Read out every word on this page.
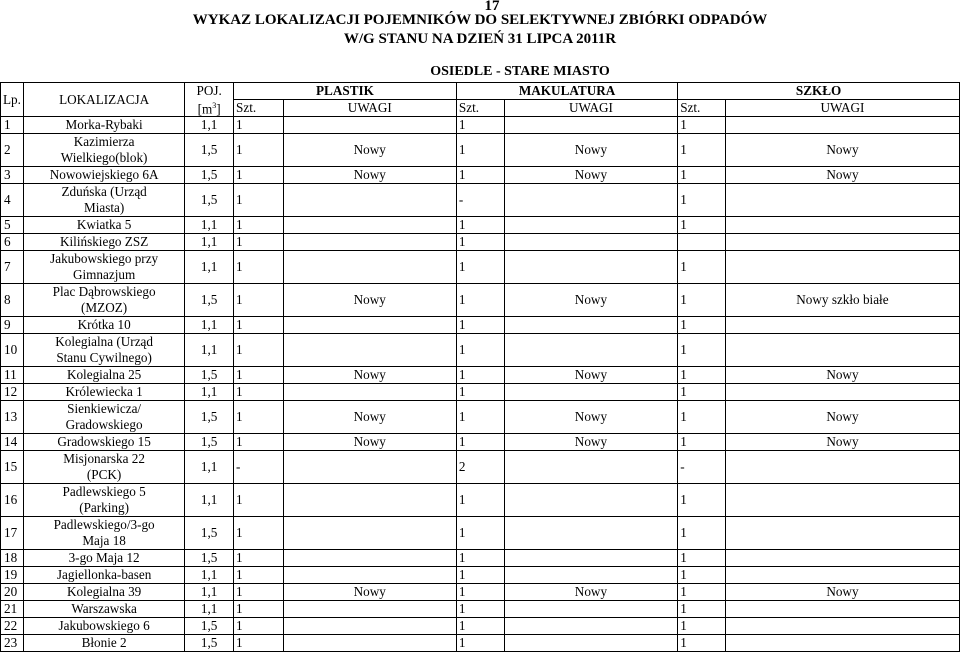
17
WYKAZ LOKALIZACJI POJEMNIKÓW DO SELEKTYWNEJ ZBIÓRKI ODPADÓW
W/G STANU NA DZIEŃ 31 LIPCA 2011R
OSIEDLE - STARE MIASTO
Lp.	LOKALIZACJA	POJ.
$[m^3]$	PLASTIK		MAKULATURA		SZKŁO	
			Szt.	UWAGI	Szt.	UWAGI	Szt.	UWAGI
1	Morka-Rybaki	1,1	1		1		1	
2	Kazimierza
Wielkiego(blok)	1,5	1	Nowy	1	Nowy	1	Nowy
3	Nowowiejskiego 6A	1,5	1	Nowy	1	Nowy	1	Nowy
4	Zduńska (Urząd
Miasta)	1,5	1		-		1	
5	Kwiatka 5	1,1	1		1		1	
6	Kilińskiego ZSZ	1,1	1		1			
7	Jakubowskiego przy
Gimnazjum	1,1	1		1		1	
8	Plac Dąbrowskiego
(MZOZ)	1,5	1	Nowy	1	Nowy	1	Nowy szkło białe
9	Krótka 10	1,1	1		1		1	
10	Kolegialna (Urząd
Stanu Cywilnego)	1,1	1		1		1	
11	Kolegialna 25	1,5	1	Nowy	1	Nowy	1	Nowy
12	Królewiecka 1	1,1	1		1		1	
13	Sienkiewicza/
Gradowskiego	1,5	1	Nowy	1	Nowy	1	Nowy
14	Gradowskiego 15	1,5	1	Nowy	1	Nowy	1	Nowy
15	Misjonarska 22
(PCK)	1,1	-		2		-	
16	Padlewskiego 5
(Parking)	1,1	1		1		1	
17	Padlewskiego/3-go
Maja 18	1,5	1		1		1	
18	3-go Maja 12	1,5	1		1		1	
19	Jagiellonka-basen	1,1	1		1		1	
20	Kolegialna 39	1,1	1	Nowy	1	Nowy	1	Nowy
21	Warszawska	1,1	1		1		1	
22	Jakubowskiego 6	1,5	1		1		1	
23	Błonie 2	1,5	1		1		1	
